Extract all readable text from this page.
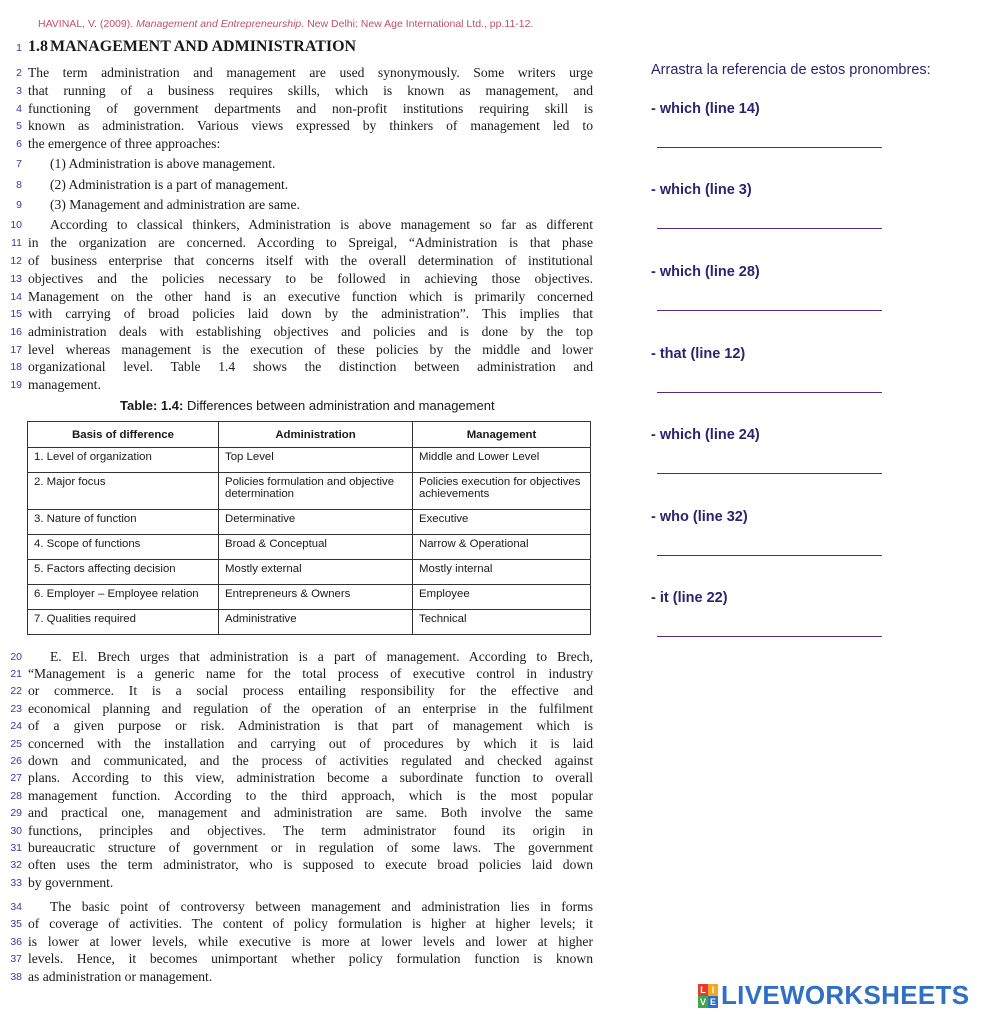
HAVINAL, V. (2009). Management and Entrepreneurship. New Delhi: New Age International Ltd., pp.11-12.
1 1.8 MANAGEMENT AND ADMINISTRATION
2 The term administration and management are used synonymously. Some writers urge
3 that running of a business requires skills, which is known as management, and
4 functioning of government departments and non-profit institutions requiring skill is
5 known as administration. Various views expressed by thinkers of management led to
6 the emergence of three approaches:
7 (1) Administration is above management.
8 (2) Administration is a part of management.
9 (3) Management and administration are same.
10 According to classical thinkers, Administration is above management so far as different
11 in the organization are concerned. According to Spreigal, “Administration is that phase
12 of business enterprise that concerns itself with the overall determination of institutional
13 objectives and the policies necessary to be followed in achieving those objectives.
14 Management on the other hand is an executive function which is primarily concerned
15 with carrying of broad policies laid down by the administration”. This implies that
16 administration deals with establishing objectives and policies and is done by the top
17 level whereas management is the execution of these policies by the middle and lower
18 organizational level. Table 1.4 shows the distinction between administration and
19 management.
Table: 1.4: Differences between administration and management
Basis of difference	Administration	Management
1. Level of organization	Top Level	Middle and Lower Level
2. Major focus	Policies formulation and objective determination	Policies execution for objectives achievements
3. Nature of function	Determinative	Executive
4. Scope of functions	Broad & Conceptual	Narrow & Operational
5. Factors affecting decision	Mostly external	Mostly internal
6. Employer – Employee relation	Entrepreneurs & Owners	Employee
7. Qualities required	Administrative	Technical
20 E. El. Brech urges that administration is a part of management. According to Brech,
21 “Management is a generic name for the total process of executive control in industry
22 or commerce. It is a social process entailing responsibility for the effective and
23 economical planning and regulation of the operation of an enterprise in the fulfilment
24 of a given purpose or risk. Administration is that part of management which is
25 concerned with the installation and carrying out of procedures by which it is laid
26 down and communicated, and the process of activities regulated and checked against
27 plans. According to this view, administration become a subordinate function to overall
28 management function. According to the third approach, which is the most popular
29 and practical one, management and administration are same. Both involve the same
30 functions, principles and objectives. The term administrator found its origin in
31 bureaucratic structure of government or in regulation of some laws. The government
32 often uses the term administrator, who is supposed to execute broad policies laid down
33 by government.
34 The basic point of controversy between management and administration lies in forms
35 of coverage of activities. The content of policy formulation is higher at higher levels; it
36 is lower at lower levels, while executive is more at lower levels and lower at higher
37 levels. Hence, it becomes unimportant whether policy formulation function is known
38 as administration or management.
Arrastra la referencia de estos pronombres:
- which (line 14)
- which (line 3)
- which (line 28)
- that (line 12)
- which (line 24)
- who (line 32)
- it (line 22)
L I
V E LIVEWORKSHEETS
